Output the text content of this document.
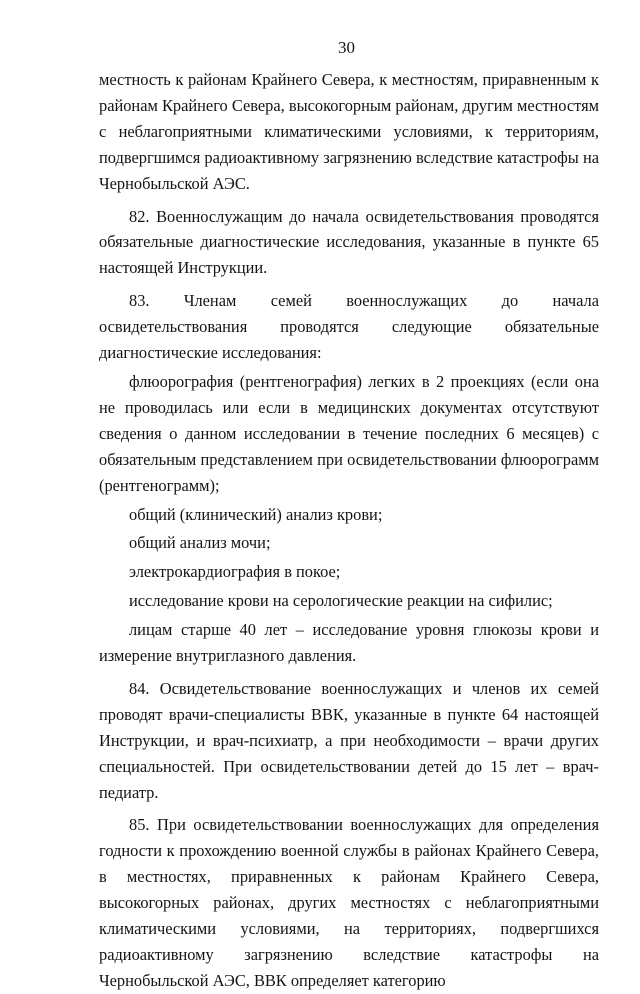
30

местность к районам Крайнего Севера, к местностям, приравненным к районам Крайнего Севера, высокогорным районам, другим местностям с неблагоприятными климатическими условиями, к территориям, подвергшимся радиоактивному загрязнению вследствие катастрофы на Чернобыльской АЭС.

82. Военнослужащим до начала освидетельствования проводятся обязательные диагностические исследования, указанные в пункте 65 настоящей Инструкции.

83. Членам семей военнослужащих до начала освидетельствования проводятся следующие обязательные диагностические исследования:

флюорография (рентгенография) легких в 2 проекциях (если она не проводилась или если в медицинских документах отсутствуют сведения о данном исследовании в течение последних 6 месяцев) с обязательным представлением при освидетельствовании флюорограмм (рентгенограмм);

общий (клинический) анализ крови;

общий анализ мочи;

электрокардиография в покое;

исследование крови на серологические реакции на сифилис;

лицам старше 40 лет – исследование уровня глюкозы крови и измерение внутриглазного давления.

84. Освидетельствование военнослужащих и членов их семей проводят врачи-специалисты ВВК, указанные в пункте 64 настоящей Инструкции, и врач-психиатр, а при необходимости – врачи других специальностей. При освидетельствовании детей до 15 лет – врач-педиатр.

85. При освидетельствовании военнослужащих для определения годности к прохождению военной службы в районах Крайнего Севера, в местностях, приравненных к районам Крайнего Севера, высокогорных районах, других местностях с неблагоприятными климатическими условиями, на территориях, подвергшихся радиоактивному загрязнению вследствие катастрофы на Чернобыльской АЭС, ВВК определяет категорию
